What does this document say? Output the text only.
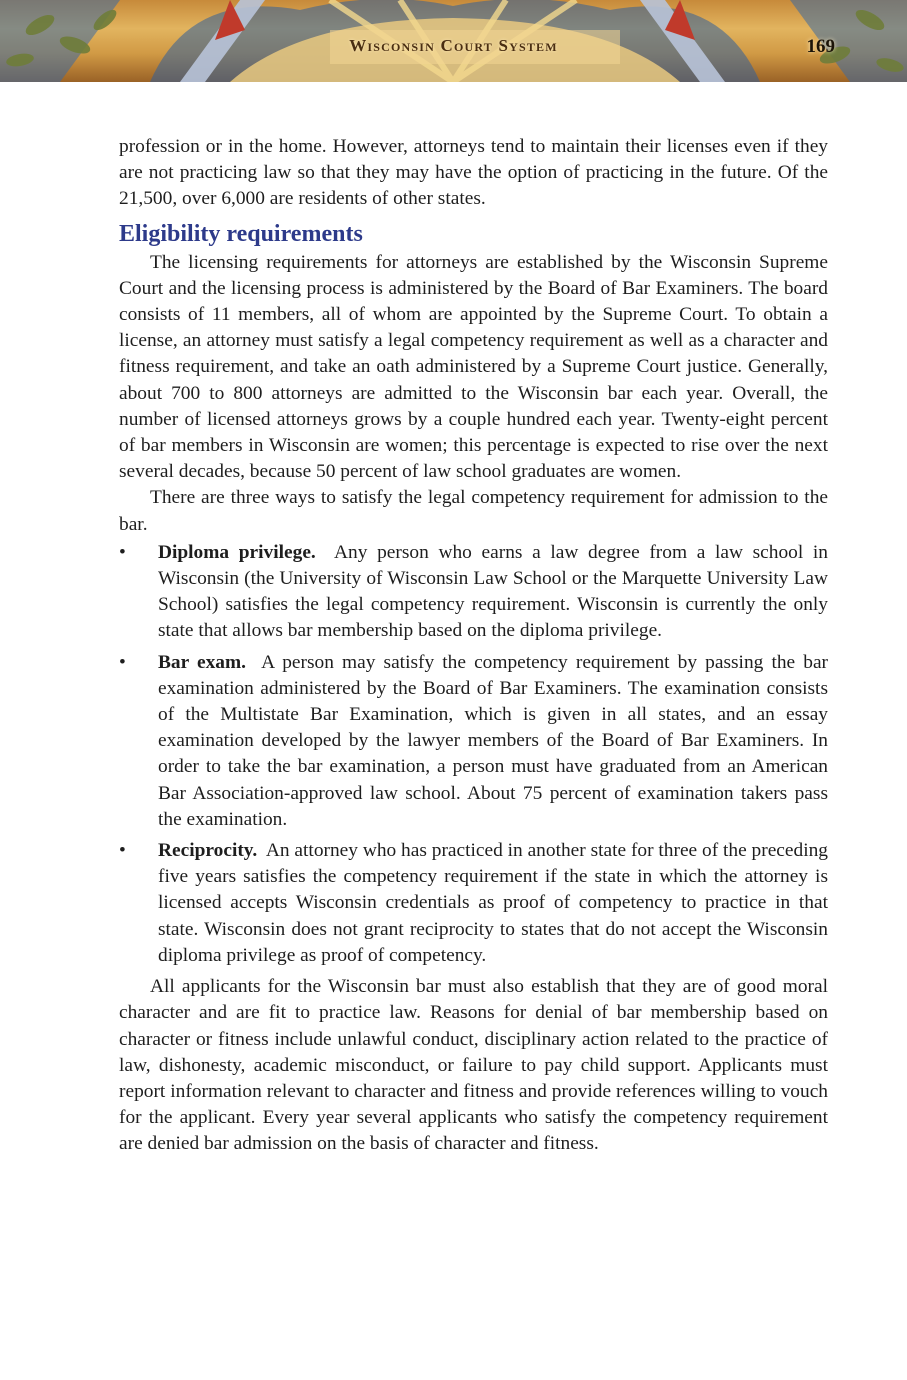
Wisconsin Court System	169

profession or in the home. However, attorneys tend to maintain their licenses even if they are not practicing law so that they may have the option of practicing in the future. Of the 21,500, over 6,000 are residents of other states.

Eligibility requirements

The licensing requirements for attorneys are established by the Wisconsin Supreme Court and the licensing process is administered by the Board of Bar Examiners. The board consists of 11 members, all of whom are appointed by the Supreme Court. To obtain a license, an attorney must satisfy a legal competency requirement as well as a character and fitness requirement, and take an oath administered by a Supreme Court justice. Generally, about 700 to 800 attorneys are admitted to the Wisconsin bar each year. Overall, the number of licensed attorneys grows by a couple hundred each year. Twenty-eight percent of bar members in Wisconsin are women; this percentage is expected to rise over the next several decades, because 50 percent of law school graduates are women.

There are three ways to satisfy the legal competency requirement for admission to the bar.

• Diploma privilege. Any person who earns a law degree from a law school in Wisconsin (the University of Wisconsin Law School or the Marquette University Law School) satisfies the legal competency requirement. Wisconsin is currently the only state that allows bar membership based on the diploma privilege.
• Bar exam. A person may satisfy the competency requirement by passing the bar examination administered by the Board of Bar Examiners. The examination consists of the Multistate Bar Examination, which is given in all states, and an essay examination developed by the lawyer members of the Board of Bar Examiners. In order to take the bar examination, a person must have graduated from an American Bar Association-approved law school. About 75 percent of examination takers pass the examination.
• Reciprocity. An attorney who has practiced in another state for three of the preceding five years satisfies the competency requirement if the state in which the attorney is licensed accepts Wisconsin credentials as proof of competency to practice in that state. Wisconsin does not grant reciprocity to states that do not accept the Wisconsin diploma privilege as proof of competency.

All applicants for the Wisconsin bar must also establish that they are of good moral character and are fit to practice law. Reasons for denial of bar membership based on character or fitness include unlawful conduct, disciplinary action related to the practice of law, dishonesty, academic misconduct, or failure to pay child support. Applicants must report information relevant to character and fitness and provide references willing to vouch for the applicant. Every year several applicants who satisfy the competency requirement are denied bar admission on the basis of character and fitness.
